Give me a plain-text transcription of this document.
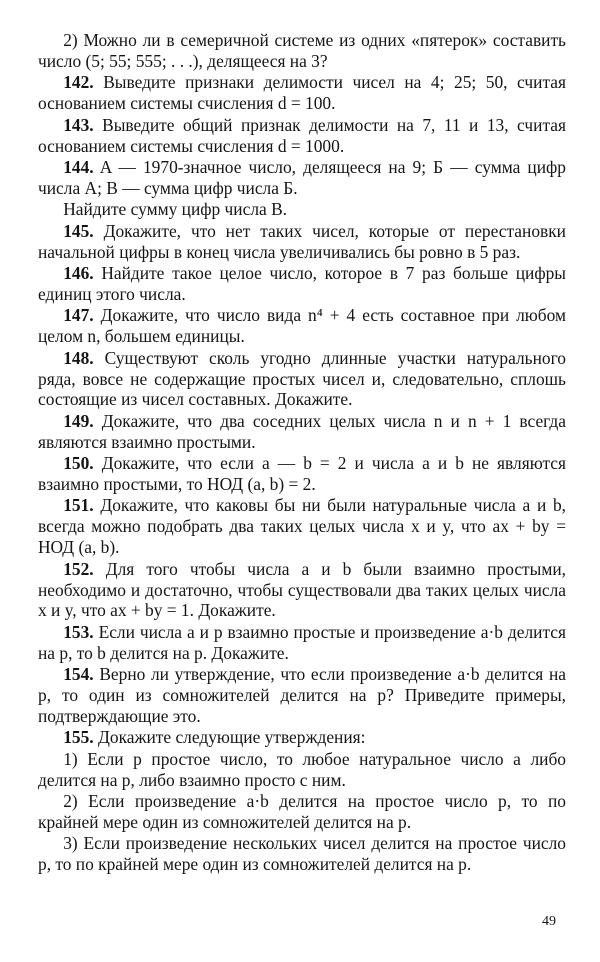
2) Можно ли в семеричной системе из одних «пятерок» составить число (5; 55; 555; . . .), делящееся на 3?

142. Выведите признаки делимости чисел на 4; 25; 50, считая основанием системы счисления d = 100.

143. Выведите общий признак делимости на 7, 11 и 13, считая основанием системы счисления d = 1000.

144. A — 1970-значное число, делящееся на 9; Б — сумма цифр числа A; B — сумма цифр числа Б.

Найдите сумму цифр числа В.

145. Докажите, что нет таких чисел, которые от перестановки начальной цифры в конец числа увеличивались бы ровно в 5 раз.

146. Найдите такое целое число, которое в 7 раз больше цифры единиц этого числа.

147. Докажите, что число вида n⁴ + 4 есть составное при любом целом n, большем единицы.

148. Существуют сколь угодно длинные участки натурального ряда, вовсе не содержащие простых чисел и, следовательно, сплошь состоящие из чисел составных. Докажите.

149. Докажите, что два соседних целых числа n и n + 1 всегда являются взаимно простыми.

150. Докажите, что если a — b = 2 и числа a и b не являются взаимно простыми, то НОД (a, b) = 2.

151. Докажите, что каковы бы ни были натуральные числа a и b, всегда можно подобрать два таких целых числа x и y, что ax + by = НОД (a, b).

152. Для того чтобы числа a и b были взаимно простыми, необходимо и достаточно, чтобы существовали два таких целых числа x и y, что ax + by = 1. Докажите.

153. Если числа a и p взаимно простые и произведение a·b делится на p, то b делится на p. Докажите.

154. Верно ли утверждение, что если произведение a·b делится на p, то один из сомножителей делится на p? Приведите примеры, подтверждающие это.

155. Докажите следующие утверждения:

1) Если p простое число, то любое натуральное число a либо делится на p, либо взаимно просто с ним.

2) Если произведение a·b делится на простое число p, то по крайней мере один из сомножителей делится на p.

3) Если произведение нескольких чисел делится на простое число p, то по крайней мере один из сомножителей делится на p.

49
